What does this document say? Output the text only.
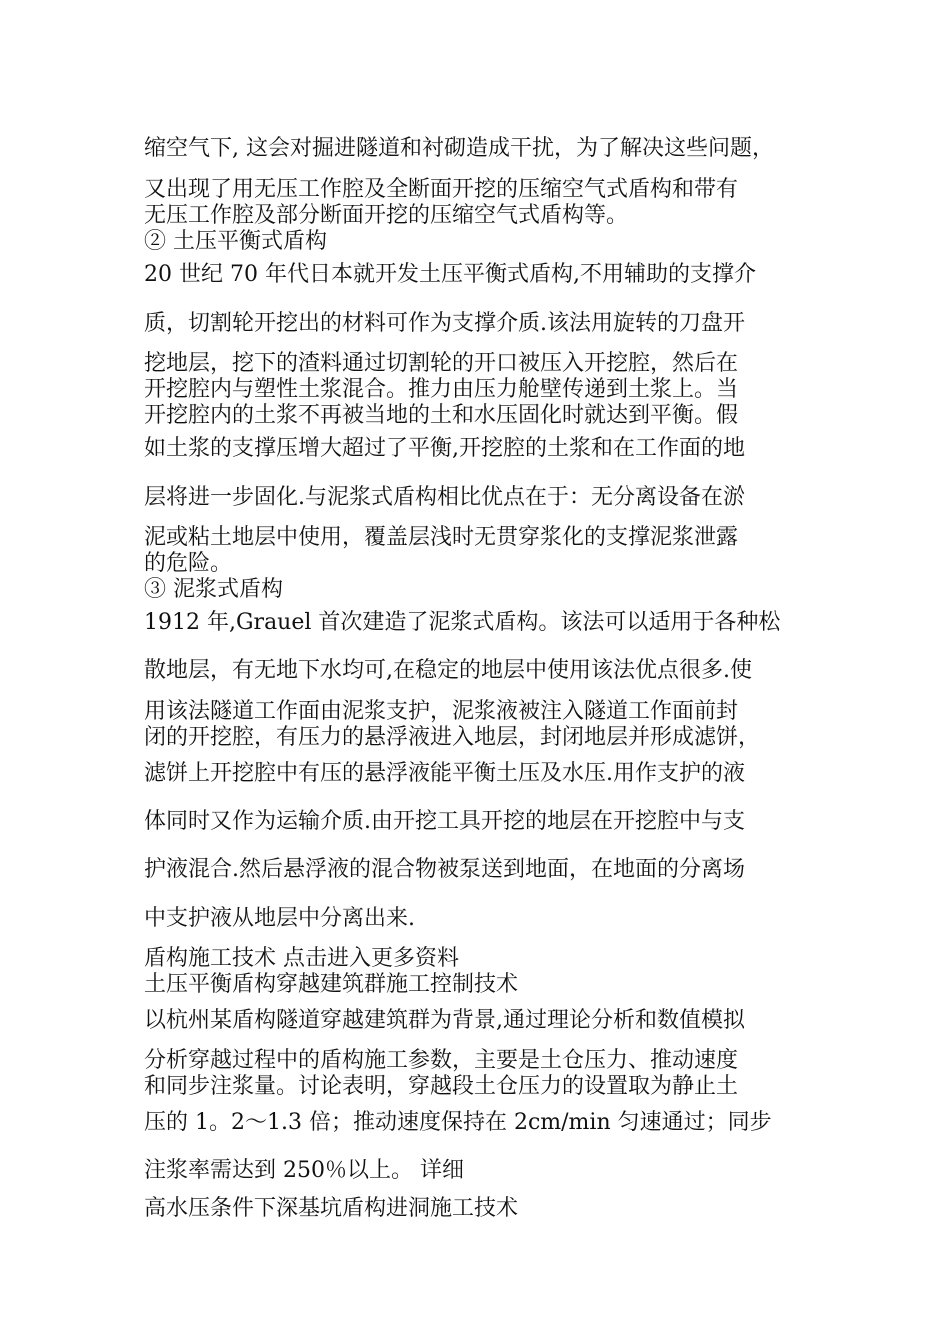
缩空气下, 这会对掘进隧道和衬砌造成干扰，为了解决这些问题，
又出现了用无压工作腔及全断面开挖的压缩空气式盾构和带有
无压工作腔及部分断面开挖的压缩空气式盾构等。
② 土压平衡式盾构
20 世纪 70 年代日本就开发土压平衡式盾构,不用辅助的支撑介
质，切割轮开挖出的材料可作为支撑介质.该法用旋转的刀盘开
挖地层，挖下的渣料通过切割轮的开口被压入开挖腔，然后在
开挖腔内与塑性土浆混合。推力由压力舱壁传递到土浆上。当
开挖腔内的土浆不再被当地的土和水压固化时就达到平衡。假
如土浆的支撑压增大超过了平衡,开挖腔的土浆和在工作面的地
层将进一步固化.与泥浆式盾构相比优点在于：无分离设备在淤
泥或粘土地层中使用，覆盖层浅时无贯穿浆化的支撑泥浆泄露
的危险。
③ 泥浆式盾构
1912 年,Grauel 首次建造了泥浆式盾构。该法可以适用于各种松
散地层，有无地下水均可,在稳定的地层中使用该法优点很多.使
用该法隧道工作面由泥浆支护，泥浆液被注入隧道工作面前封
闭的开挖腔，有压力的悬浮液进入地层，封闭地层并形成滤饼，
滤饼上开挖腔中有压的悬浮液能平衡土压及水压.用作支护的液
体同时又作为运输介质.由开挖工具开挖的地层在开挖腔中与支
护液混合.然后悬浮液的混合物被泵送到地面，在地面的分离场
中支护液从地层中分离出来.
盾构施工技术 点击进入更多资料
土压平衡盾构穿越建筑群施工控制技术
以杭州某盾构隧道穿越建筑群为背景,通过理论分析和数值模拟
分析穿越过程中的盾构施工参数，主要是土仓压力、推动速度
和同步注浆量。讨论表明，穿越段土仓压力的设置取为静止土
压的 1。2～1.3 倍；推动速度保持在 2cm/min 匀速通过；同步
注浆率需达到 250％以上。 详细
高水压条件下深基坑盾构进洞施工技术
